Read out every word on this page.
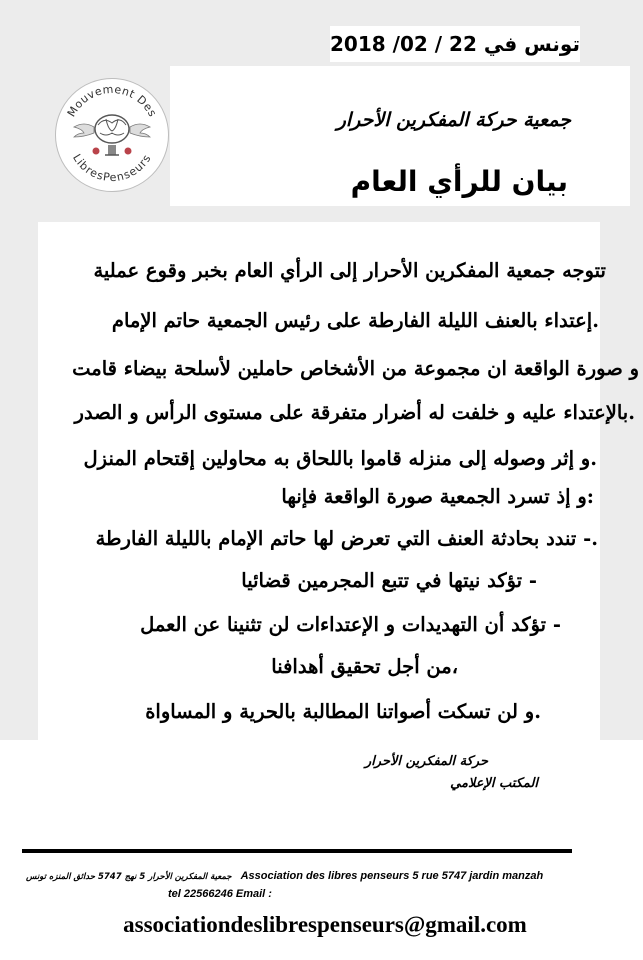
تونس في 22 / 02/ 2018
Mouvement Des
LibresPenseurs
جمعية حركة المفكرين الأحرار
بيان للرأي العام
تتوجه جمعية المفكرين الأحرار إلى الرأي العام بخبر وقوع عملية
.إعتداء بالعنف الليلة الفارطة على رئيس الجمعية حاتم الإمام
و صورة الواقعة ان مجموعة من الأشخاص حاملين لأسلحة بيضاء قامت
.بالإعتداء عليه و خلفت له أضرار متفرقة على مستوى الرأس و الصدر
.و إثر وصوله إلى منزله قاموا باللحاق به محاولين إقتحام المنزل
:و إذ تسرد الجمعية صورة الواقعة فإنها
.- تندد بحادثة العنف التي تعرض لها حاتم الإمام بالليلة الفارطة
- تؤكد نيتها في تتبع المجرمين قضائيا
- تؤكد أن التهديدات و الإعتداءات لن تثنينا عن العمل
،من أجل تحقيق أهدافنا
.و لن تسكت أصواتنا المطالبة بالحرية و المساواة
حركة المفكرين الأحرار
المكتب الإعلامي
جمعية المفكرين الأحرار 5 نهج 5747 حدائق المنزه تونس Association des libres penseurs 5 rue 5747 jardin manzah
tel 22566246 Email :
associationdeslibrespenseurs@gmail.com
